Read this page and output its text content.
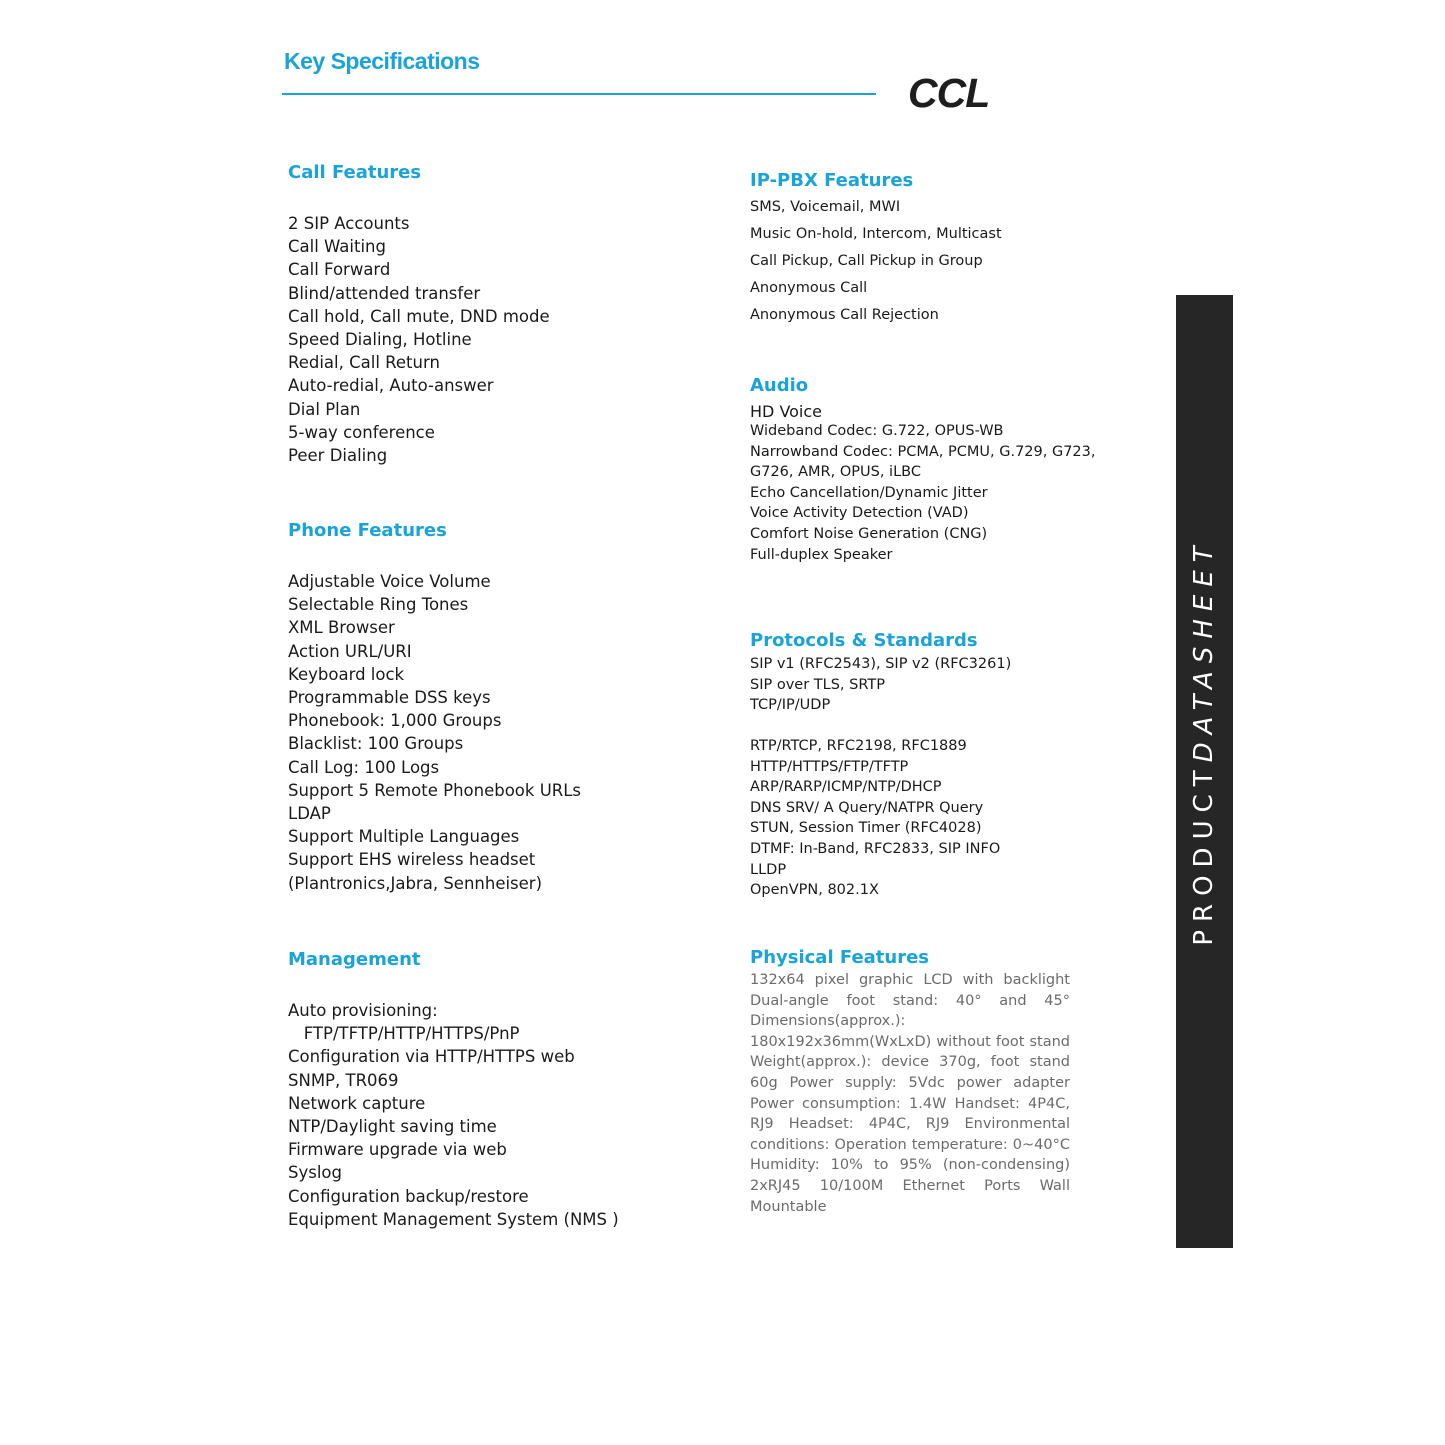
Key Specifications
CCL
Call Features
2 SIP Accounts
Call Waiting
Call Forward
Blind/attended transfer
Call hold, Call mute, DND mode
Speed Dialing, Hotline
Redial, Call Return
Auto-redial, Auto-answer
Dial Plan
5-way conference
Peer Dialing
Phone Features
Adjustable Voice Volume
Selectable Ring Tones
XML Browser
Action URL/URI
Keyboard lock
Programmable DSS keys
Phonebook: 1,000 Groups
Blacklist: 100 Groups
Call Log: 100 Logs
Support 5 Remote Phonebook URLs
LDAP
Support Multiple Languages
Support EHS wireless headset
(Plantronics,Jabra, Sennheiser)
Management
Auto provisioning:
FTP/TFTP/HTTP/HTTPS/PnP
Configuration via HTTP/HTTPS web
SNMP, TR069
Network capture
NTP/Daylight saving time
Firmware upgrade via web
Syslog
Configuration backup/restore
Equipment Management System (NMS )
IP-PBX Features
SMS, Voicemail, MWI
Music On-hold, Intercom, Multicast
Call Pickup, Call Pickup in Group
Anonymous Call
Anonymous Call Rejection
Audio
HD Voice
Wideband Codec: G.722, OPUS-WB
Narrowband Codec: PCMA, PCMU, G.729, G723,
G726, AMR, OPUS, iLBC
Echo Cancellation/Dynamic Jitter
Voice Activity Detection (VAD)
Comfort Noise Generation (CNG)
Full-duplex Speaker
Protocols & Standards
SIP v1 (RFC2543), SIP v2 (RFC3261)
SIP over TLS, SRTP
TCP/IP/UDP
RTP/RTCP, RFC2198, RFC1889
HTTP/HTTPS/FTP/TFTP
ARP/RARP/ICMP/NTP/DHCP
DNS SRV/ A Query/NATPR Query
STUN, Session Timer (RFC4028)
DTMF: In-Band, RFC2833, SIP INFO
LLDP
OpenVPN, 802.1X
Physical Features
132x64 pixel graphic LCD with backlight Dual-angle foot stand: 40° and 45° Dimensions(approx.): 180x192x36mm(WxLxD) without foot stand Weight(approx.): device 370g, foot stand 60g Power supply: 5Vdc power adapter Power consumption: 1.4W Handset: 4P4C, RJ9 Headset: 4P4C, RJ9 Environmental conditions: Operation temperature: 0~40°C Humidity: 10% to 95% (non-condensing) 2xRJ45 10/100M Ethernet Ports Wall Mountable
PRODUCTDATASHEET
